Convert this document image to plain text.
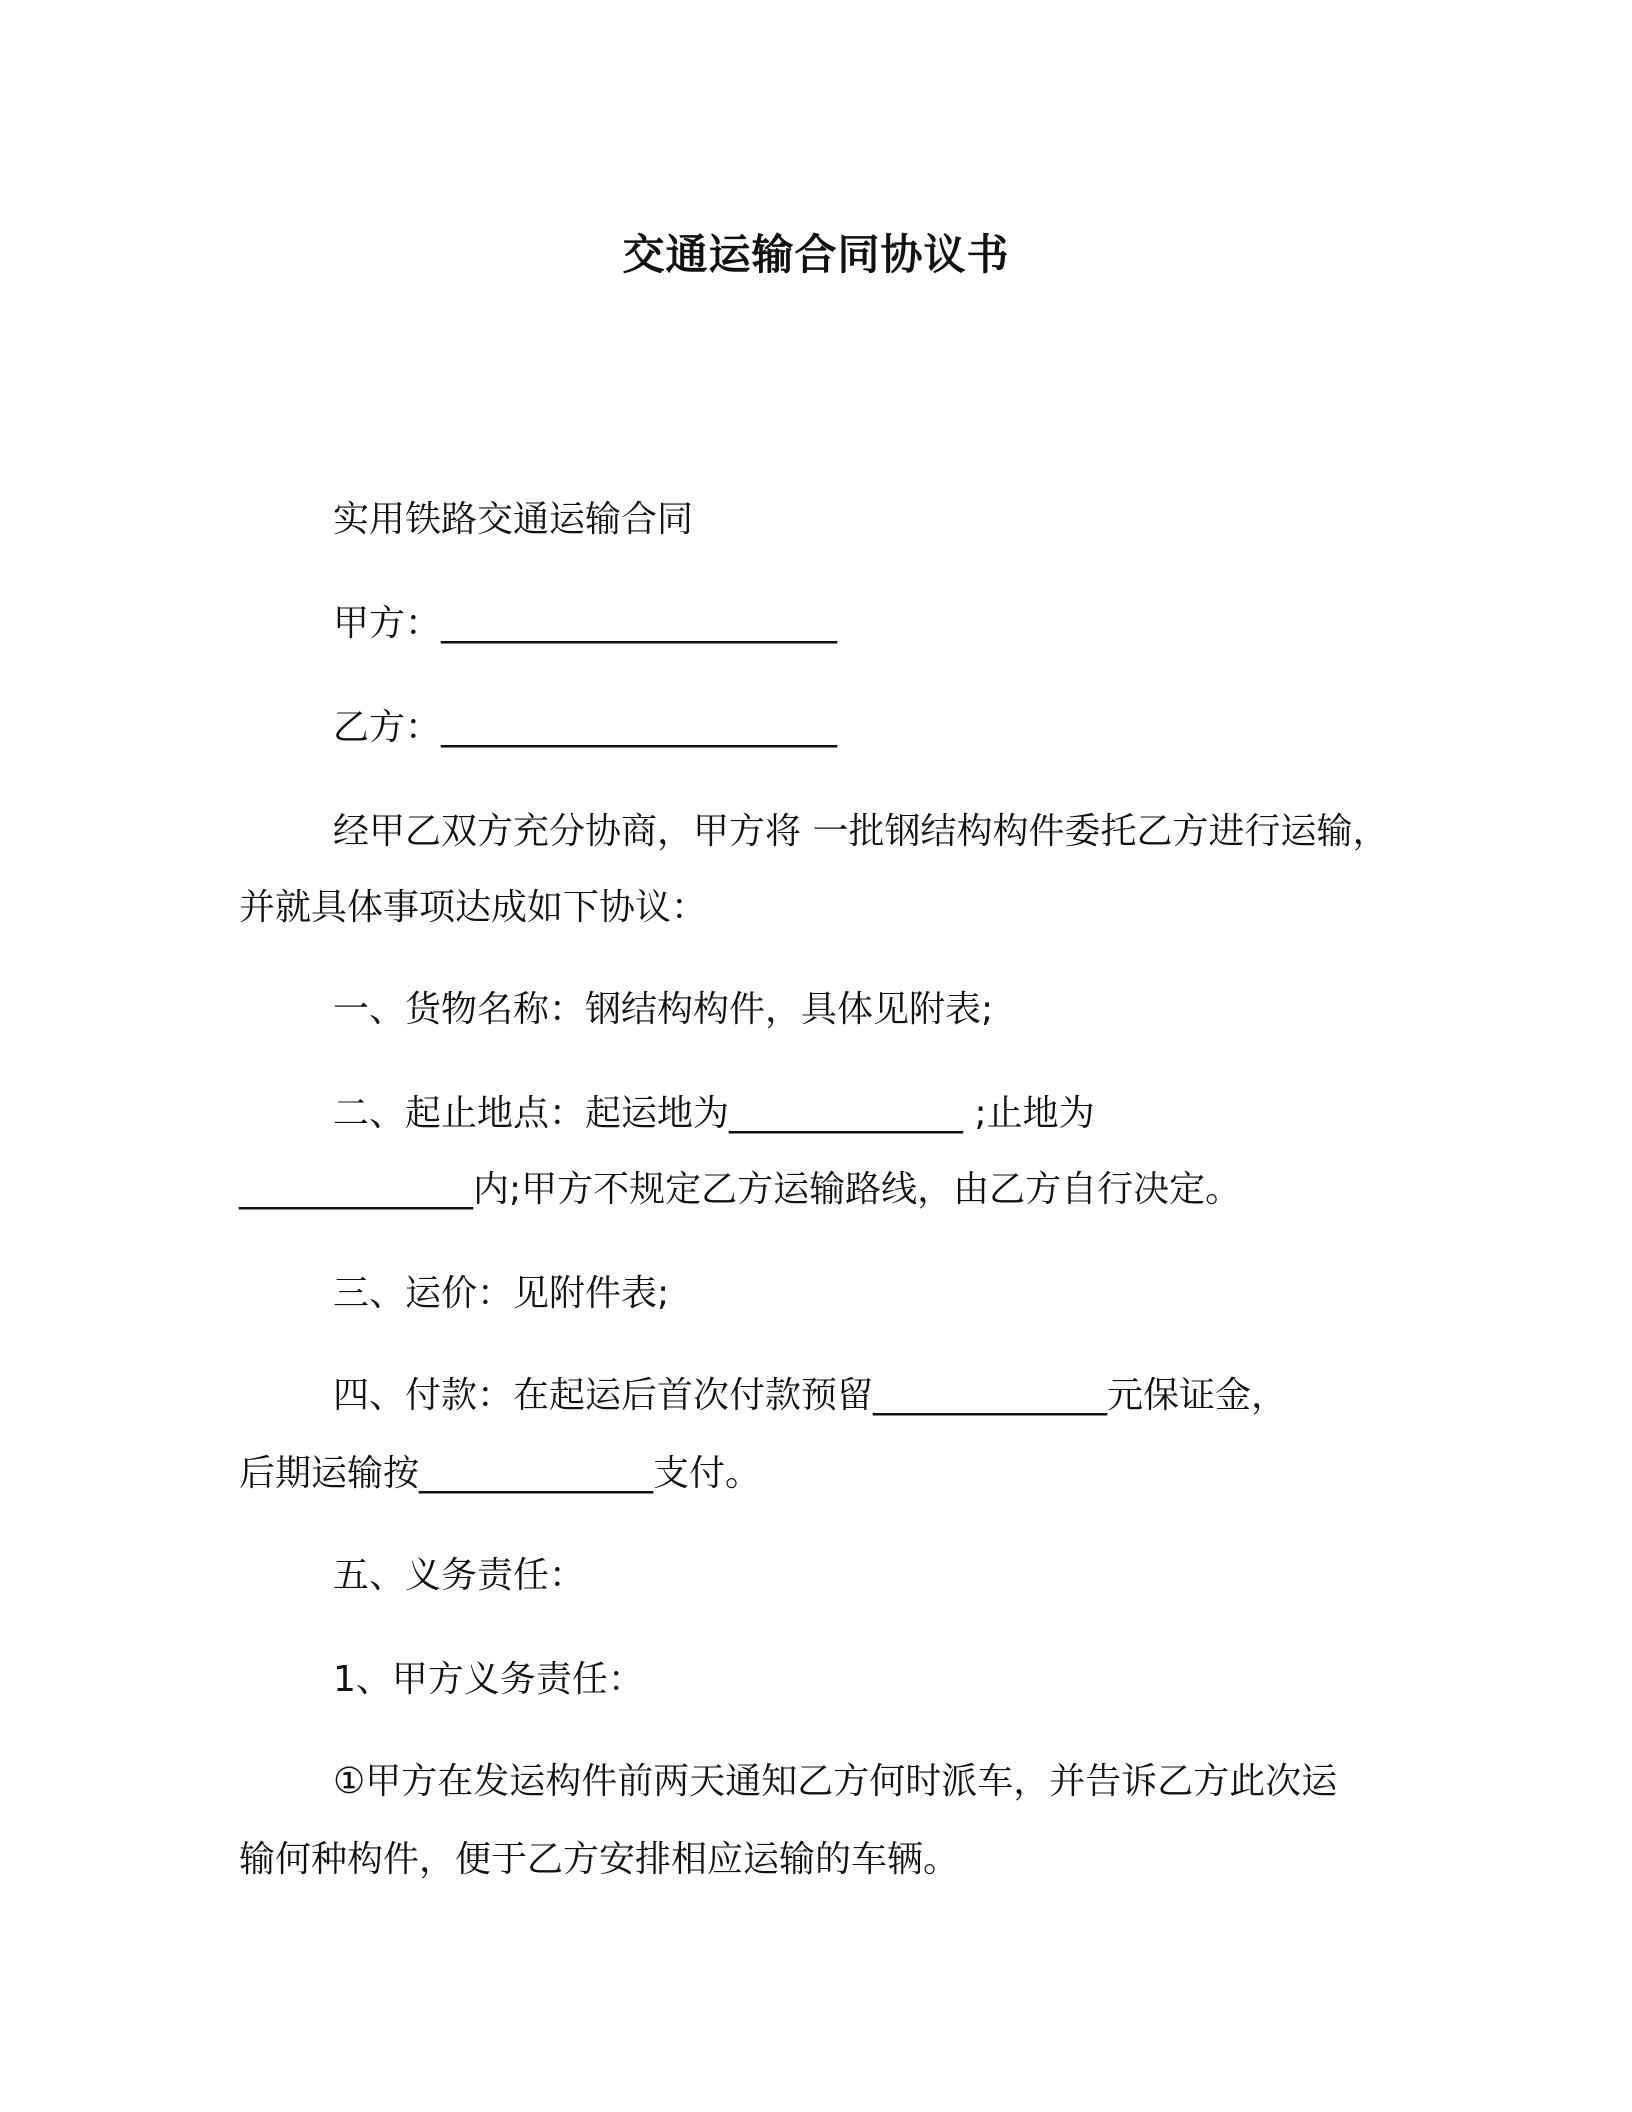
交通运输合同协议书
实用铁路交通运输合同
甲方：______________________
乙方：______________________
经甲乙双方充分协商，甲方将 一批钢结构构件委托乙方进行运输，
并就具体事项达成如下协议：
一、货物名称：钢结构构件，具体见附表;
二、起止地点：起运地为_____________ ;止地为
_____________内;甲方不规定乙方运输路线，由乙方自行决定。
三、运价：见附件表;
四、付款：在起运后首次付款预留_____________元保证金，
后期运输按_____________支付。
五、义务责任：
1、甲方义务责任：
①甲方在发运构件前两天通知乙方何时派车，并告诉乙方此次运
输何种构件，便于乙方安排相应运输的车辆。
